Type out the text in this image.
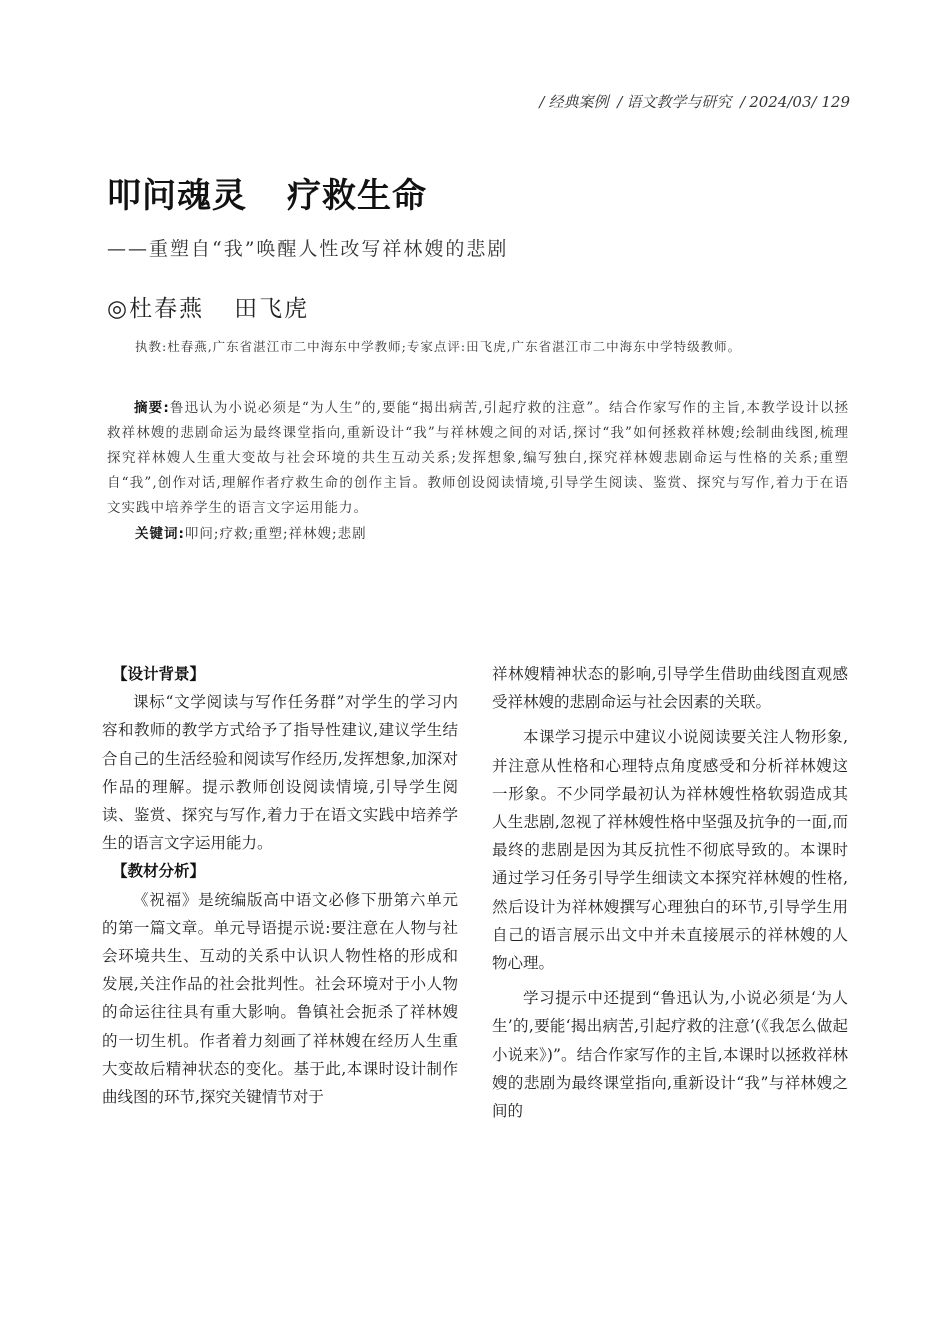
/ 经典案例 / 语文教学与研究 / 2024/03/ 129
叩问魂灵 疗救生命
——重塑自“我”唤醒人性改写祥林嫂的悲剧
◎杜春燕 田飞虎
执教:杜春燕,广东省湛江市二中海东中学教师;专家点评:田飞虎,广东省湛江市二中海东中学特级教师。
摘要:鲁迅认为小说必须是“为人生”的,要能“揭出病苦,引起疗救的注意”。结合作家写作的主旨,本教学设计以拯救祥林嫂的悲剧命运为最终课堂指向,重新设计“我”与祥林嫂之间的对话,探讨“我”如何拯救祥林嫂;绘制曲线图,梳理探究祥林嫂人生重大变故与社会环境的共生互动关系;发挥想象,编写独白,探究祥林嫂悲剧命运与性格的关系;重塑自“我”,创作对话,理解作者疗救生命的创作主旨。教师创设阅读情境,引导学生阅读、鉴赏、探究与写作,着力于在语文实践中培养学生的语言文字运用能力。
关键词:叩问;疗救;重塑;祥林嫂;悲剧
【设计背景】

课标“文学阅读与写作任务群”对学生的学习内容和教师的教学方式给予了指导性建议,建议学生结合自己的生活经验和阅读写作经历,发挥想象,加深对作品的理解。提示教师创设阅读情境,引导学生阅读、鉴赏、探究与写作,着力于在语文实践中培养学生的语言文字运用能力。

【教材分析】

《祝福》是统编版高中语文必修下册第六单元的第一篇文章。单元导语提示说:要注意在人物与社会环境共生、互动的关系中认识人物性格的形成和发展,关注作品的社会批判性。社会环境对于小人物的命运往往具有重大影响。鲁镇社会扼杀了祥林嫂的一切生机。作者着力刻画了祥林嫂在经历人生重大变故后精神状态的变化。基于此,本课时设计制作曲线图的环节,探究关键情节对于

祥林嫂精神状态的影响,引导学生借助曲线图直观感受祥林嫂的悲剧命运与社会因素的关联。

本课学习提示中建议小说阅读要关注人物形象,并注意从性格和心理特点角度感受和分析祥林嫂这一形象。不少同学最初认为祥林嫂性格软弱造成其人生悲剧,忽视了祥林嫂性格中坚强及抗争的一面,而最终的悲剧是因为其反抗性不彻底导致的。本课时通过学习任务引导学生细读文本探究祥林嫂的性格,然后设计为祥林嫂撰写心理独白的环节,引导学生用自己的语言展示出文中并未直接展示的祥林嫂的人物心理。

学习提示中还提到“鲁迅认为,小说必须是‘为人生’的,要能‘揭出病苦,引起疗救的注意’(《我怎么做起小说来》)”。结合作家写作的主旨,本课时以拯救祥林嫂的悲剧为最终课堂指向,重新设计“我”与祥林嫂之间的
